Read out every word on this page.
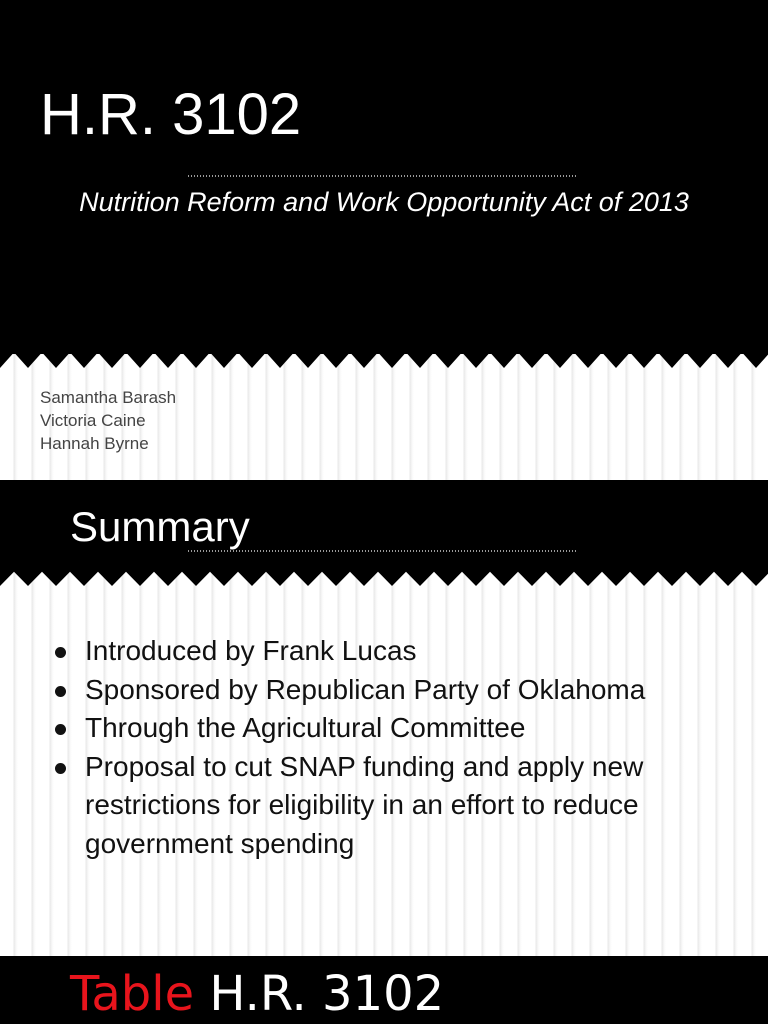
H.R. 3102
Nutrition Reform and Work Opportunity Act of 2013
Samantha Barash
Victoria Caine
Hannah Byrne
Summary
Introduced by Frank Lucas
Sponsored by Republican Party of Oklahoma
Through the Agricultural Committee
Proposal to cut SNAP funding and apply new restrictions for eligibility in an effort to reduce government spending
Table H.R. 3102
